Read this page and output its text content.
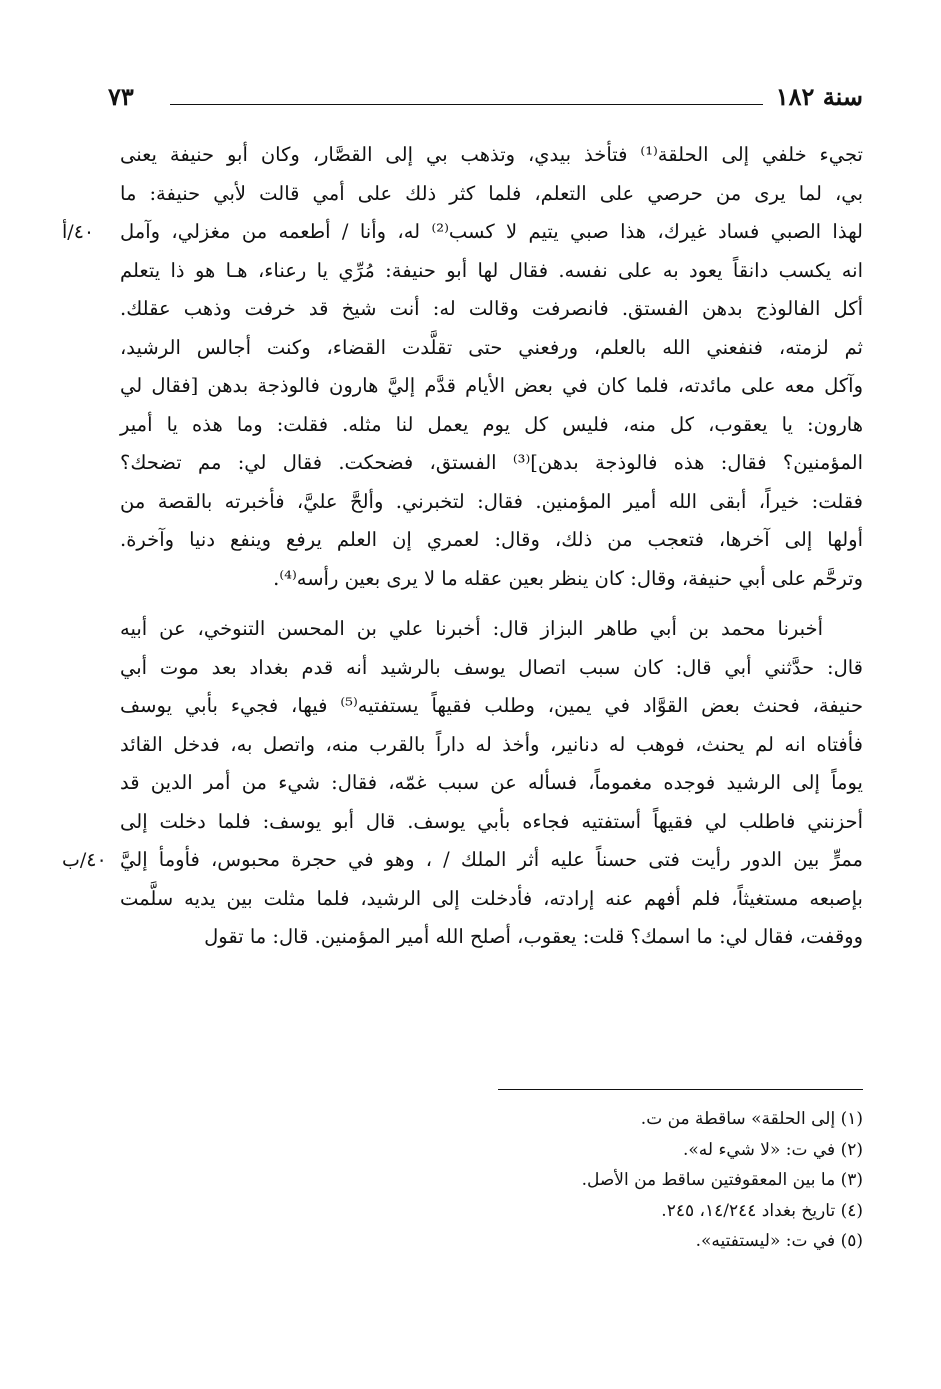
سنة ١٨٢
٧٣
تجيء خلفي إلى الحلقة⁽¹⁾ فتأخذ بيدي، وتذهب بي إلى القصَّار، وكان أبو حنيفة يعنى
بي، لما يرى من حرصي على التعلم، فلما كثر ذلك على أمي قالت لأبي حنيفة: ما
لهذا الصبي فساد غيرك، هذا صبي يتيم لا كسب⁽²⁾ له، وأنا / أطعمه من مغزلي، وآمل
٤٠/أ
انه يكسب دانقاً يعود به على نفسه. فقال لها أبو حنيفة: مُرِّي يا رعناء، هـا هو ذا يتعلم
أكل الفالوذج بدهن الفستق. فانصرفت وقالت له: أنت شيخ قد خرفت وذهب عقلك.
ثم لزمته، فنفعني الله بالعلم، ورفعني حتى تقلَّدت القضاء، وكنت أجالس الرشيد،
وآكل معه على مائدته، فلما كان في بعض الأيام قدَّم إليَّ هارون فالوذجة بدهن [فقال لي
هارون: يا يعقوب، كل منه، فليس كل يوم يعمل لنا مثله. فقلت: وما هذه يا أمير
المؤمنين؟ فقال: هذه فالوذجة بدهن]⁽³⁾ الفستق، فضحكت. فقال لي: مم تضحك؟
فقلت: خيراً، أبقى الله أمير المؤمنين. فقال: لتخبرني. وألحَّ عليَّ، فأخبرته بالقصة من
أولها إلى آخرها، فتعجب من ذلك، وقال: لعمري إن العلم يرفع وينفع دنيا وآخرة.
وترحَّم على أبي حنيفة، وقال: كان ينظر بعين عقله ما لا يرى بعين رأسه⁽⁴⁾.
أخبرنا محمد بن أبي طاهر البزاز قال: أخبرنا علي بن المحسن التنوخي، عن أبيه
قال: حدَّثني أبي قال: كان سبب اتصال يوسف بالرشيد أنه قدم بغداد بعد موت أبي
حنيفة، فحنث بعض القوَّاد في يمين، وطلب فقيهاً يستفتيه⁽⁵⁾ فيها، فجيء بأبي يوسف
فأفتاه انه لم يحنث، فوهب له دنانير، وأخذ له داراً بالقرب منه، واتصل به، فدخل القائد
يوماً إلى الرشيد فوجده مغموماً، فسأله عن سبب غمّه، فقال: شيء من أمر الدين قد
أحزنني فاطلب لي فقيهاً أستفتيه فجاءه بأبي يوسف. قال أبو يوسف: فلما دخلت إلى
ممرٍّ بين الدور رأيت فتى حسناً عليه أثر الملك / ، وهو في حجرة محبوس، فأومأ إليَّ
٤٠/ب
بإصبعه مستغيثاً، فلم أفهم عنه إرادته، فأدخلت إلى الرشيد، فلما مثلت بين يديه سلَّمت
ووقفت، فقال لي: ما اسمك؟ قلت: يعقوب، أصلح الله أمير المؤمنين. قال: ما تقول
(١) إلى الحلقة» ساقطة من ت.
(٢) في ت: «لا شيء له».
(٣) ما بين المعقوفتين ساقط من الأصل.
(٤) تاريخ بغداد ١٤/٢٤٤، ٢٤٥.
(٥) في ت: «ليستفتيه».
